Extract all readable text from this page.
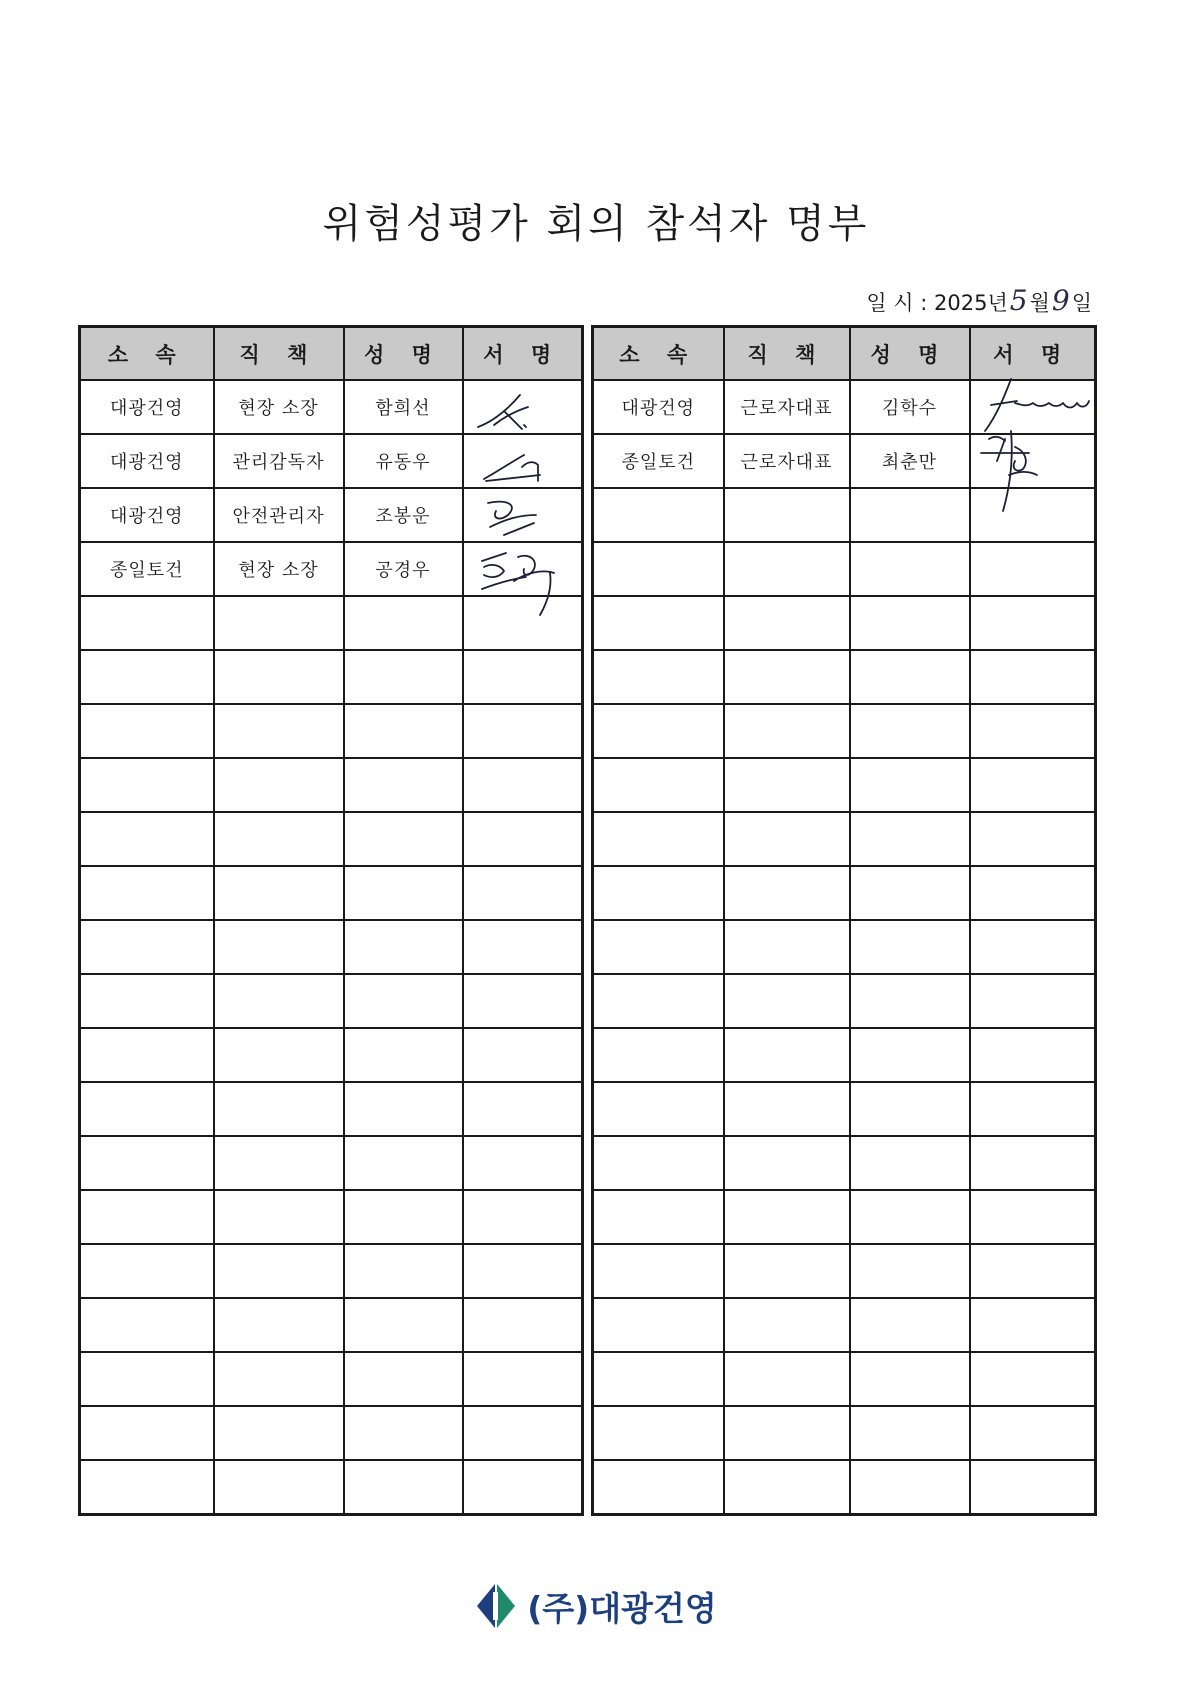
위험성평가 회의 참석자 명부
일 시 : 2025년 5 월 9 일
소 속	직 책	성 명	서 명
대광건영	현장 소장	함희선	

대광건영	관리감독자	유동우	

대광건영	안전관리자	조봉운	

종일토건	현장 소장	공경우	

소 속	직 책	성 명	서 명
대광건영	근로자대표	김학수	

종일토건	근로자대표	최춘만	

(주)대광건영
